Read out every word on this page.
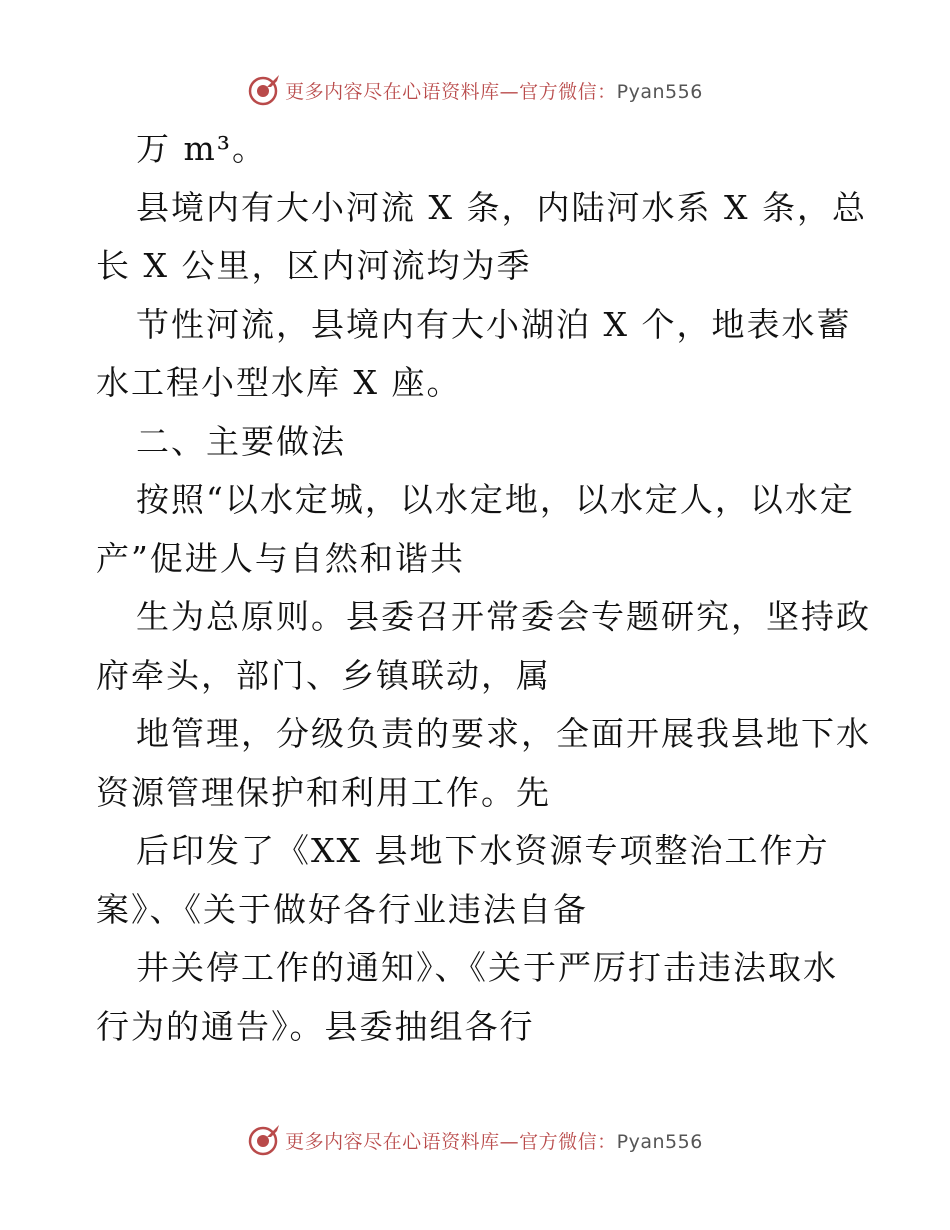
更多内容尽在心语资料库—官方微信：Pyan556

万 m³。

县境内有大小河流 X 条，内陆河水系 X 条，总

长 X 公里，区内河流均为季

节性河流，县境内有大小湖泊 X 个，地表水蓄

水工程小型水库 X 座。

二、主要做法

按照“以水定城，以水定地，以水定人，以水定

产”促进人与自然和谐共

生为总原则。县委召开常委会专题研究，坚持政

府牵头，部门、乡镇联动，属

地管理，分级负责的要求，全面开展我县地下水

资源管理保护和利用工作。先

后印发了《XX 县地下水资源专项整治工作方

案》、《关于做好各行业违法自备

井关停工作的通知》、《关于严厉打击违法取水

行为的通告》。县委抽组各行

更多内容尽在心语资料库—官方微信：Pyan556
